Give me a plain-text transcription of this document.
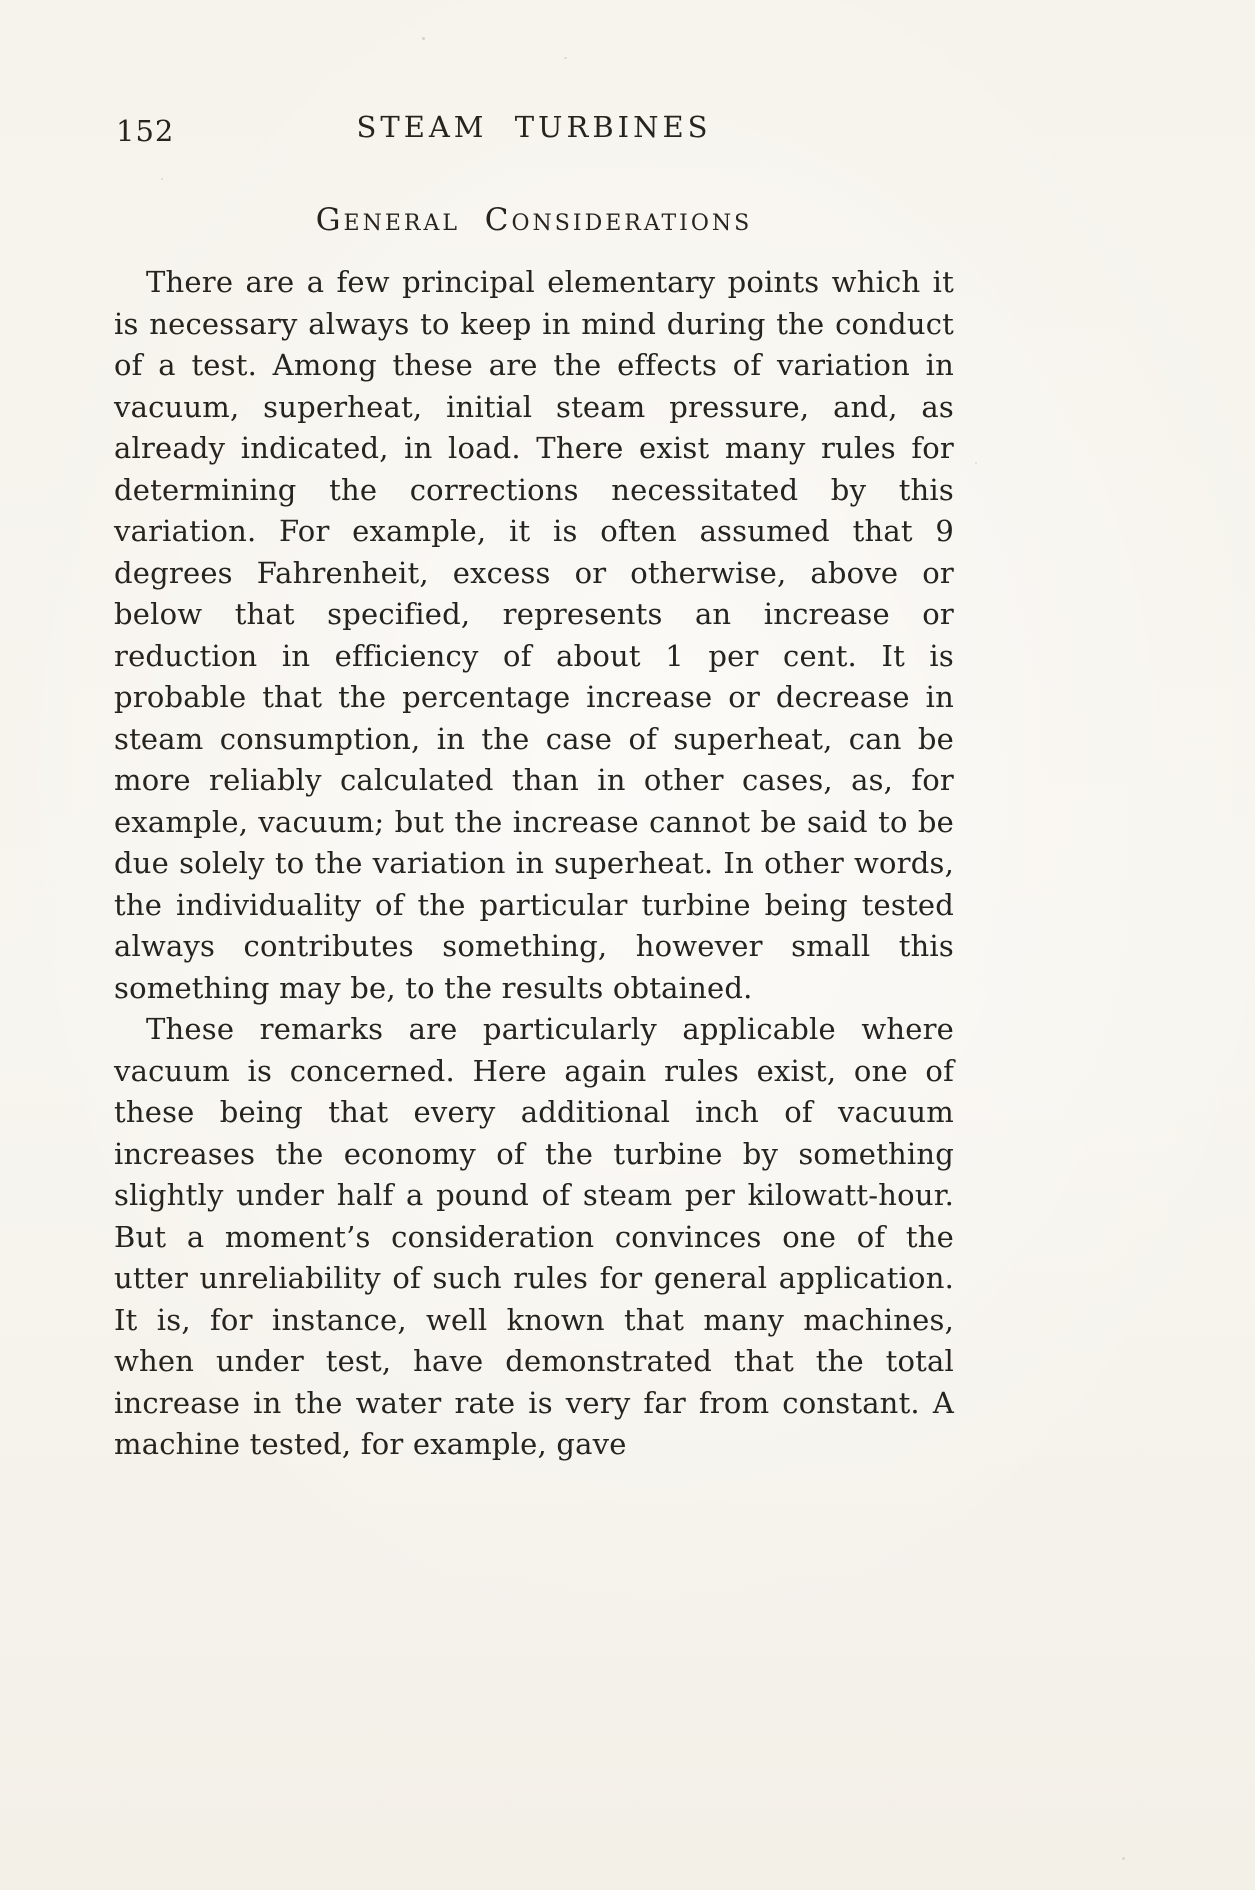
152	STEAM TURBINES
General Considerations

There are a few principal elementary points which it is necessary always to keep in mind during the conduct of a test. Among these are the effects of variation in vacuum, superheat, initial steam pressure, and, as already indicated, in load. There exist many rules for determining the corrections necessitated by this variation. For example, it is often assumed that 9 degrees Fahrenheit, excess or otherwise, above or below that specified, represents an increase or reduction in efficiency of about 1 per cent. It is probable that the percentage increase or decrease in steam consumption, in the case of superheat, can be more reliably calculated than in other cases, as, for example, vacuum; but the increase cannot be said to be due solely to the variation in superheat. In other words, the individuality of the particular turbine being tested always contributes something, however small this something may be, to the results obtained.

These remarks are particularly applicable where vacuum is concerned. Here again rules exist, one of these being that every additional inch of vacuum increases the economy of the turbine by something slightly under half a pound of steam per kilowatt-hour. But a moment’s consideration convinces one of the utter unreliability of such rules for general application. It is, for instance, well known that many machines, when under test, have demonstrated that the total increase in the water rate is very far from constant. A machine tested, for example, gave
